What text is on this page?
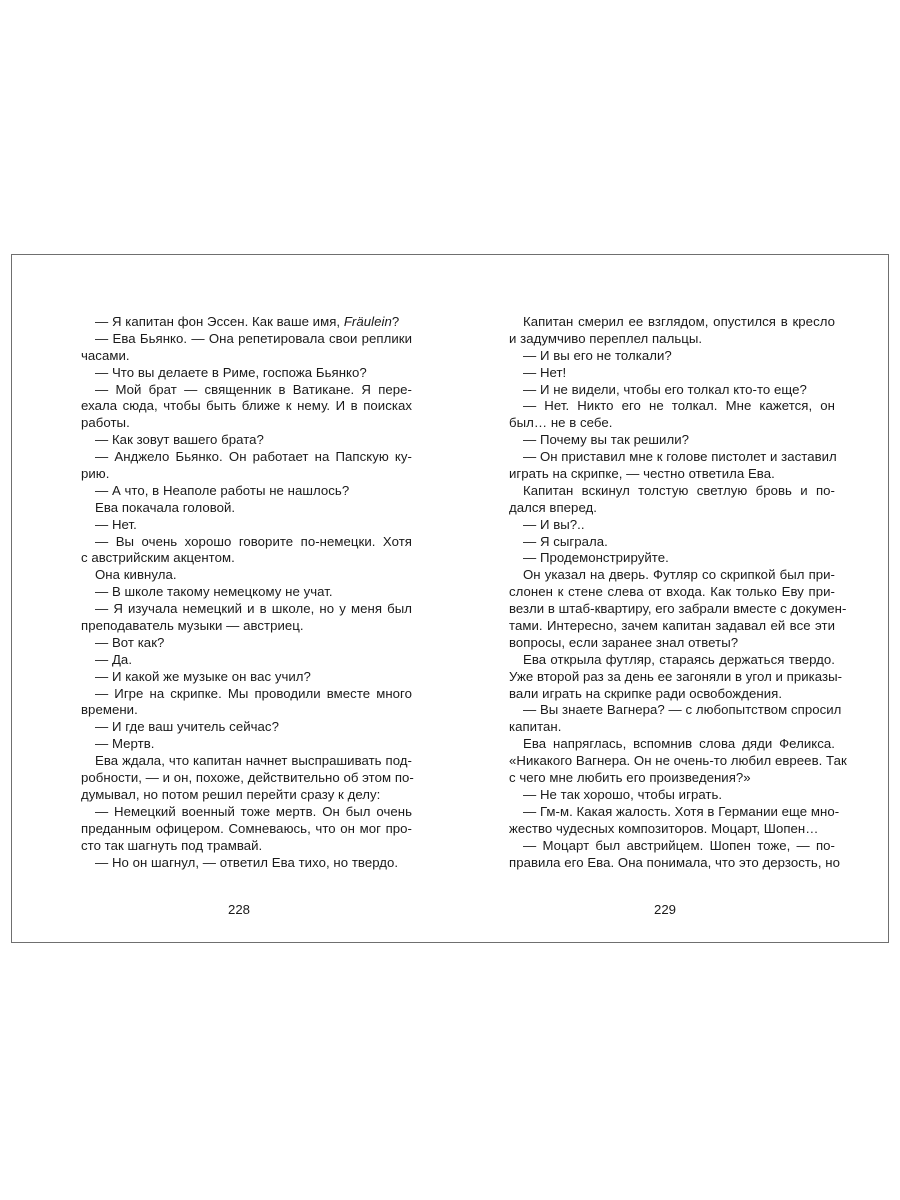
— Я капитан фон Эссен. Как ваше имя, Fräulein?
— Ева Бьянко. — Она репетировала свои реплики
часами.
— Что вы делаете в Риме, госпожа Бьянко?
— Мой брат — священник в Ватикане. Я пере-
ехала сюда, чтобы быть ближе к нему. И в поисках
работы.
— Как зовут вашего брата?
— Анджело Бьянко. Он работает на Папскую ку-
рию.
— А что, в Неаполе работы не нашлось?
Ева покачала головой.
— Нет.
— Вы очень хорошо говорите по-немецки. Хотя
с австрийским акцентом.
Она кивнула.
— В школе такому немецкому не учат.
— Я изучала немецкий и в школе, но у меня был
преподаватель музыки — австриец.
— Вот как?
— Да.
— И какой же музыке он вас учил?
— Игре на скрипке. Мы проводили вместе много
времени.
— И где ваш учитель сейчас?
— Мертв.
Ева ждала, что капитан начнет выспрашивать под-
робности, — и он, похоже, действительно об этом по-
думывал, но потом решил перейти сразу к делу:
— Немецкий военный тоже мертв. Он был очень
преданным офицером. Сомневаюсь, что он мог про-
сто так шагнуть под трамвай.
— Но он шагнул, — ответил Ева тихо, но твердо.
Капитан смерил ее взглядом, опустился в кресло
и задумчиво переплел пальцы.
— И вы его не толкали?
— Нет!
— И не видели, чтобы его толкал кто-то еще?
— Нет. Никто его не толкал. Мне кажется, он
был… не в себе.
— Почему вы так решили?
— Он приставил мне к голове пистолет и заставил
играть на скрипке, — честно ответила Ева.
Капитан вскинул толстую светлую бровь и по-
дался вперед.
— И вы?..
— Я сыграла.
— Продемонстрируйте.
Он указал на дверь. Футляр со скрипкой был при-
слонен к стене слева от входа. Как только Еву при-
везли в штаб-квартиру, его забрали вместе с докумен-
тами. Интересно, зачем капитан задавал ей все эти
вопросы, если заранее знал ответы?
Ева открыла футляр, стараясь держаться твердо.
Уже второй раз за день ее загоняли в угол и приказы-
вали играть на скрипке ради освобождения.
— Вы знаете Вагнера? — с любопытством спросил
капитан.
Ева напряглась, вспомнив слова дяди Феликса.
«Никакого Вагнера. Он не очень-то любил евреев. Так
с чего мне любить его произведения?»
— Не так хорошо, чтобы играть.
— Гм-м. Какая жалость. Хотя в Германии еще мно-
жество чудесных композиторов. Моцарт, Шопен…
— Моцарт был австрийцем. Шопен тоже, — по-
правила его Ева. Она понимала, что это дерзость, но
228	229
